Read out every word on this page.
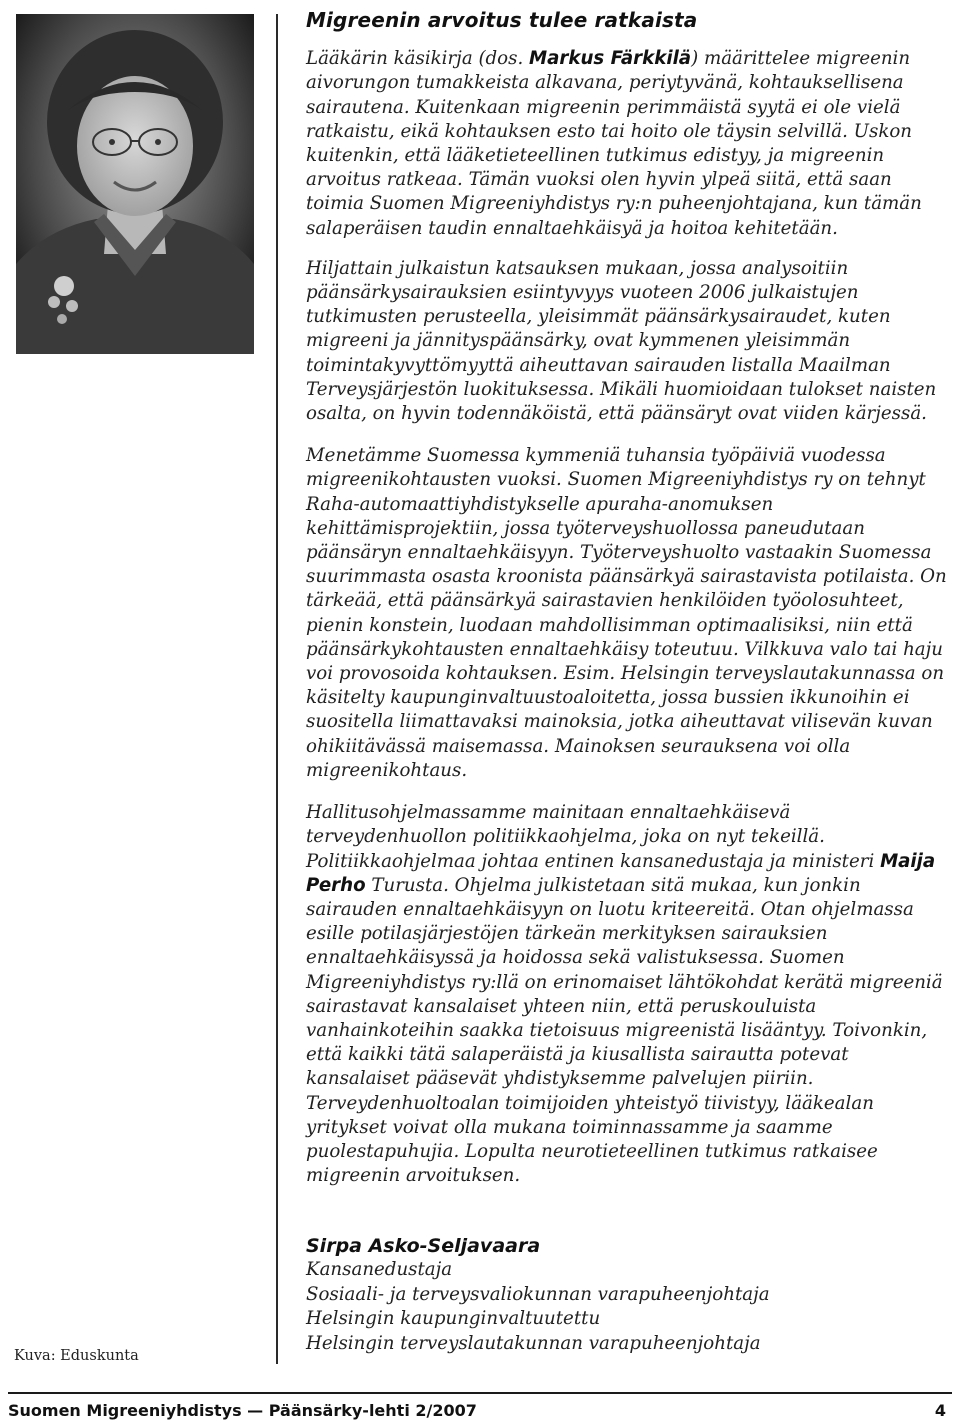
Kuva: Eduskunta
Migreenin arvoitus tulee ratkaista

Lääkärin käsikirja (dos. Markus Färkkilä) määrittelee migreenin aivorungon tumakkeista alkavana, periytyvänä, kohtauksellisena sairautena. Kuitenkaan migreenin perimmäistä syytä ei ole vielä ratkaistu, eikä kohtauksen esto tai hoito ole täysin selvillä. Uskon kuitenkin, että lääketieteellinen tutkimus edistyy, ja migreenin arvoitus ratkeaa. Tämän vuoksi olen hyvin ylpeä siitä, että saan toimia Suomen Migreeniyhdistys ry:n puheenjohtajana, kun tämän salaperäisen taudin ennaltaehkäisyä ja hoitoa kehitetään.

Hiljattain julkaistun katsauksen mukaan, jossa analysoitiin päänsärkysairauksien esiintyvyys vuoteen 2006 julkaistujen tutkimusten perusteella, yleisimmät päänsärkysairaudet, kuten migreeni ja jännityspäänsärky, ovat kymmenen yleisimmän toimintakyvyttömyyttä aiheuttavan sairauden listalla Maailman Terveysjärjestön luokituksessa. Mikäli huomioidaan tulokset naisten osalta, on hyvin todennäköistä, että päänsäryt ovat viiden kärjessä.

Menetämme Suomessa kymmeniä tuhansia työpäiviä vuodessa migreenikohtausten vuoksi. Suomen Migreeniyhdistys ry on tehnyt Raha-automaattiyhdistykselle apuraha-anomuksen kehittämisprojektiin, jossa työterveyshuollossa paneudutaan päänsäryn ennaltaehkäisyyn. Työterveyshuolto vastaakin Suomessa suurimmasta osasta kroonista päänsärkyä sairastavista potilaista. On tärkeää, että päänsärkyä sairastavien henkilöiden työolosuhteet, pienin konstein, luodaan mahdollisimman optimaalisiksi, niin että päänsärkykohtausten ennaltaehkäisy toteutuu. Vilkkuva valo tai haju voi provosoida kohtauksen. Esim. Helsingin terveyslautakunnassa on käsitelty kaupunginvaltuustoaloitetta, jossa bussien ikkunoihin ei suositella liimattavaksi mainoksia, jotka aiheuttavat vilisevän kuvan ohikiitävässä maisemassa. Mainoksen seurauksena voi olla migreenikohtaus.

Hallitusohjelmassamme mainitaan ennaltaehkäisevä terveydenhuollon politiikkaohjelma, joka on nyt tekeillä. Politiikkaohjelmaa johtaa entinen kansanedustaja ja ministeri Maija Perho Turusta. Ohjelma julkistetaan sitä mukaa, kun jonkin sairauden ennaltaehkäisyyn on luotu kriteereitä. Otan ohjelmassa esille potilasjärjestöjen tärkeän merkityksen sairauksien ennaltaehkäisyssä ja hoidossa sekä valistuksessa. Suomen Migreeniyhdistys ry:llä on erinomaiset lähtökohdat kerätä migreeniä sairastavat kansalaiset yhteen niin, että peruskouluista vanhainkoteihin saakka tietoisuus migreenistä lisääntyy. Toivonkin, että kaikki tätä salaperäistä ja kiusallista sairautta potevat kansalaiset pääsevät yhdistyksemme palvelujen piiriin. Terveydenhuoltoalan toimijoiden yhteistyö tiivistyy, lääkealan yritykset voivat olla mukana toiminnassamme ja saamme puolestapuhujia. Lopulta neurotieteellinen tutkimus ratkaisee migreenin arvoituksen.

Sirpa Asko-Seljavaara
Kansanedustaja
Sosiaali- ja terveysvaliokunnan varapuheenjohtaja
Helsingin kaupunginvaltuutettu
Helsingin terveyslautakunnan varapuheenjohtaja
Suomen Migreeniyhdistys — Päänsärky-lehti 2/2007	4
